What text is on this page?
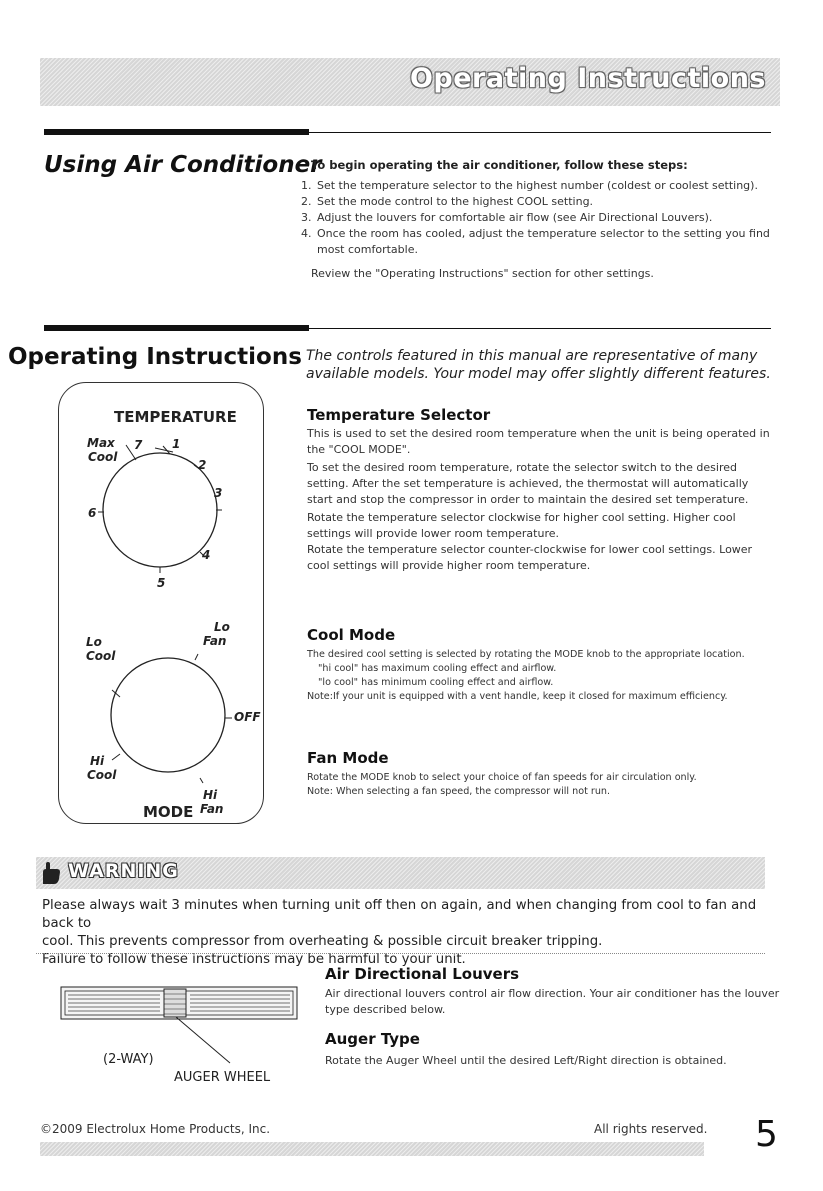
Operating Instructions
Using Air Conditioner
To begin operating the air conditioner, follow these steps:
1. Set the temperature selector to the highest number (coldest or coolest setting).
2. Set the mode control to the highest COOL setting.
3. Adjust the louvers for comfortable air flow (see Air Directional Louvers).
4. Once the room has cooled, adjust the temperature selector to the setting you find most comfortable.
Review the "Operating Instructions" section for other settings.
Operating Instructions The controls featured in this manual are representative of many available models. Your model may offer slightly different features.
TEMPERATURE
Max
Cool
7 1
2
3
4
5
6
Lo
Cool
Lo
Fan
OFF
Hi
Cool
Hi
Fan
MODE
Temperature Selector
This is used to set the desired room temperature when the unit is being operated in the "COOL MODE".
To set the desired room temperature, rotate the selector switch to the desired setting. After the set temperature is achieved, the thermostat will automatically start and stop the compressor in order to maintain the desired set temperature.
Rotate the temperature selector clockwise for higher cool setting. Higher cool settings will provide lower room temperature.
Rotate the temperature selector counter-clockwise for lower cool settings. Lower cool settings will provide higher room temperature.
Cool Mode
The desired cool setting is selected by rotating the MODE knob to the appropriate location.
"hi cool" has maximum cooling effect and airflow.
"lo cool" has minimum cooling effect and airflow.
Note:If your unit is equipped with a vent handle, keep it closed for maximum efficiency.
Fan Mode
Rotate the MODE knob to select your choice of fan speeds for air circulation only.
Note: When selecting a fan speed, the compressor will not run.
WARNING
Please always wait 3 minutes when turning unit off then on again, and when changing from cool to fan and back to
cool. This prevents compressor from overheating & possible circuit breaker tripping.
Failure to follow these instructions may be harmful to your unit.
(2-WAY)
AUGER WHEEL
Air Directional Louvers
Air directional louvers control air flow direction. Your air conditioner has the louver type described below.
Auger Type
Rotate the Auger Wheel until the desired Left/Right direction is obtained.
©2009 Electrolux Home Products, Inc.	All rights reserved. 5
